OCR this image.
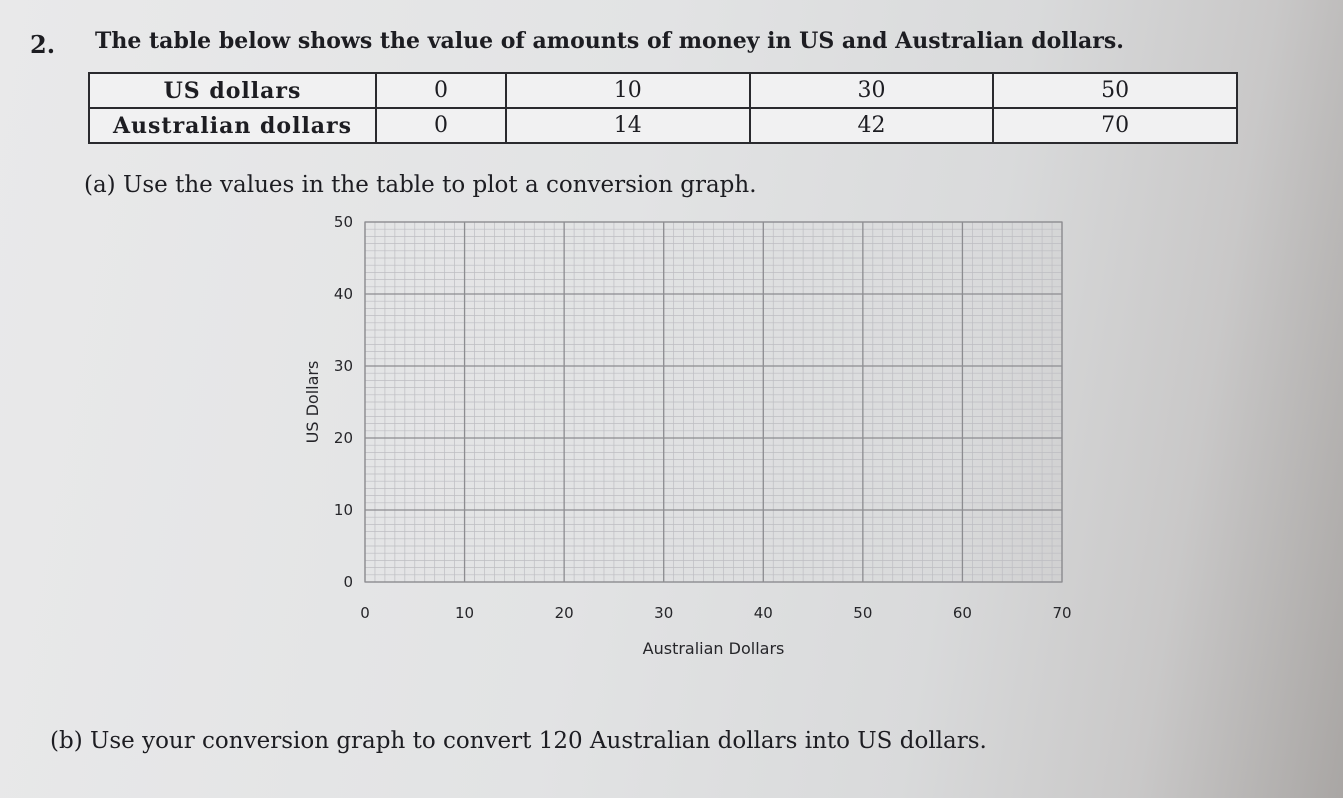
2. The table below shows the value of amounts of money in US and Australian dollars.
US dollars	0	10	30	50
Australian dollars	0	14	42	70
(a) Use the values in the table to plot a conversion graph.
0	10	20	30	40	50	60	70
0
10
20
30
40
50
Australian Dollars
US Dollars
(b) Use your conversion graph to convert 120 Australian dollars into US dollars.
